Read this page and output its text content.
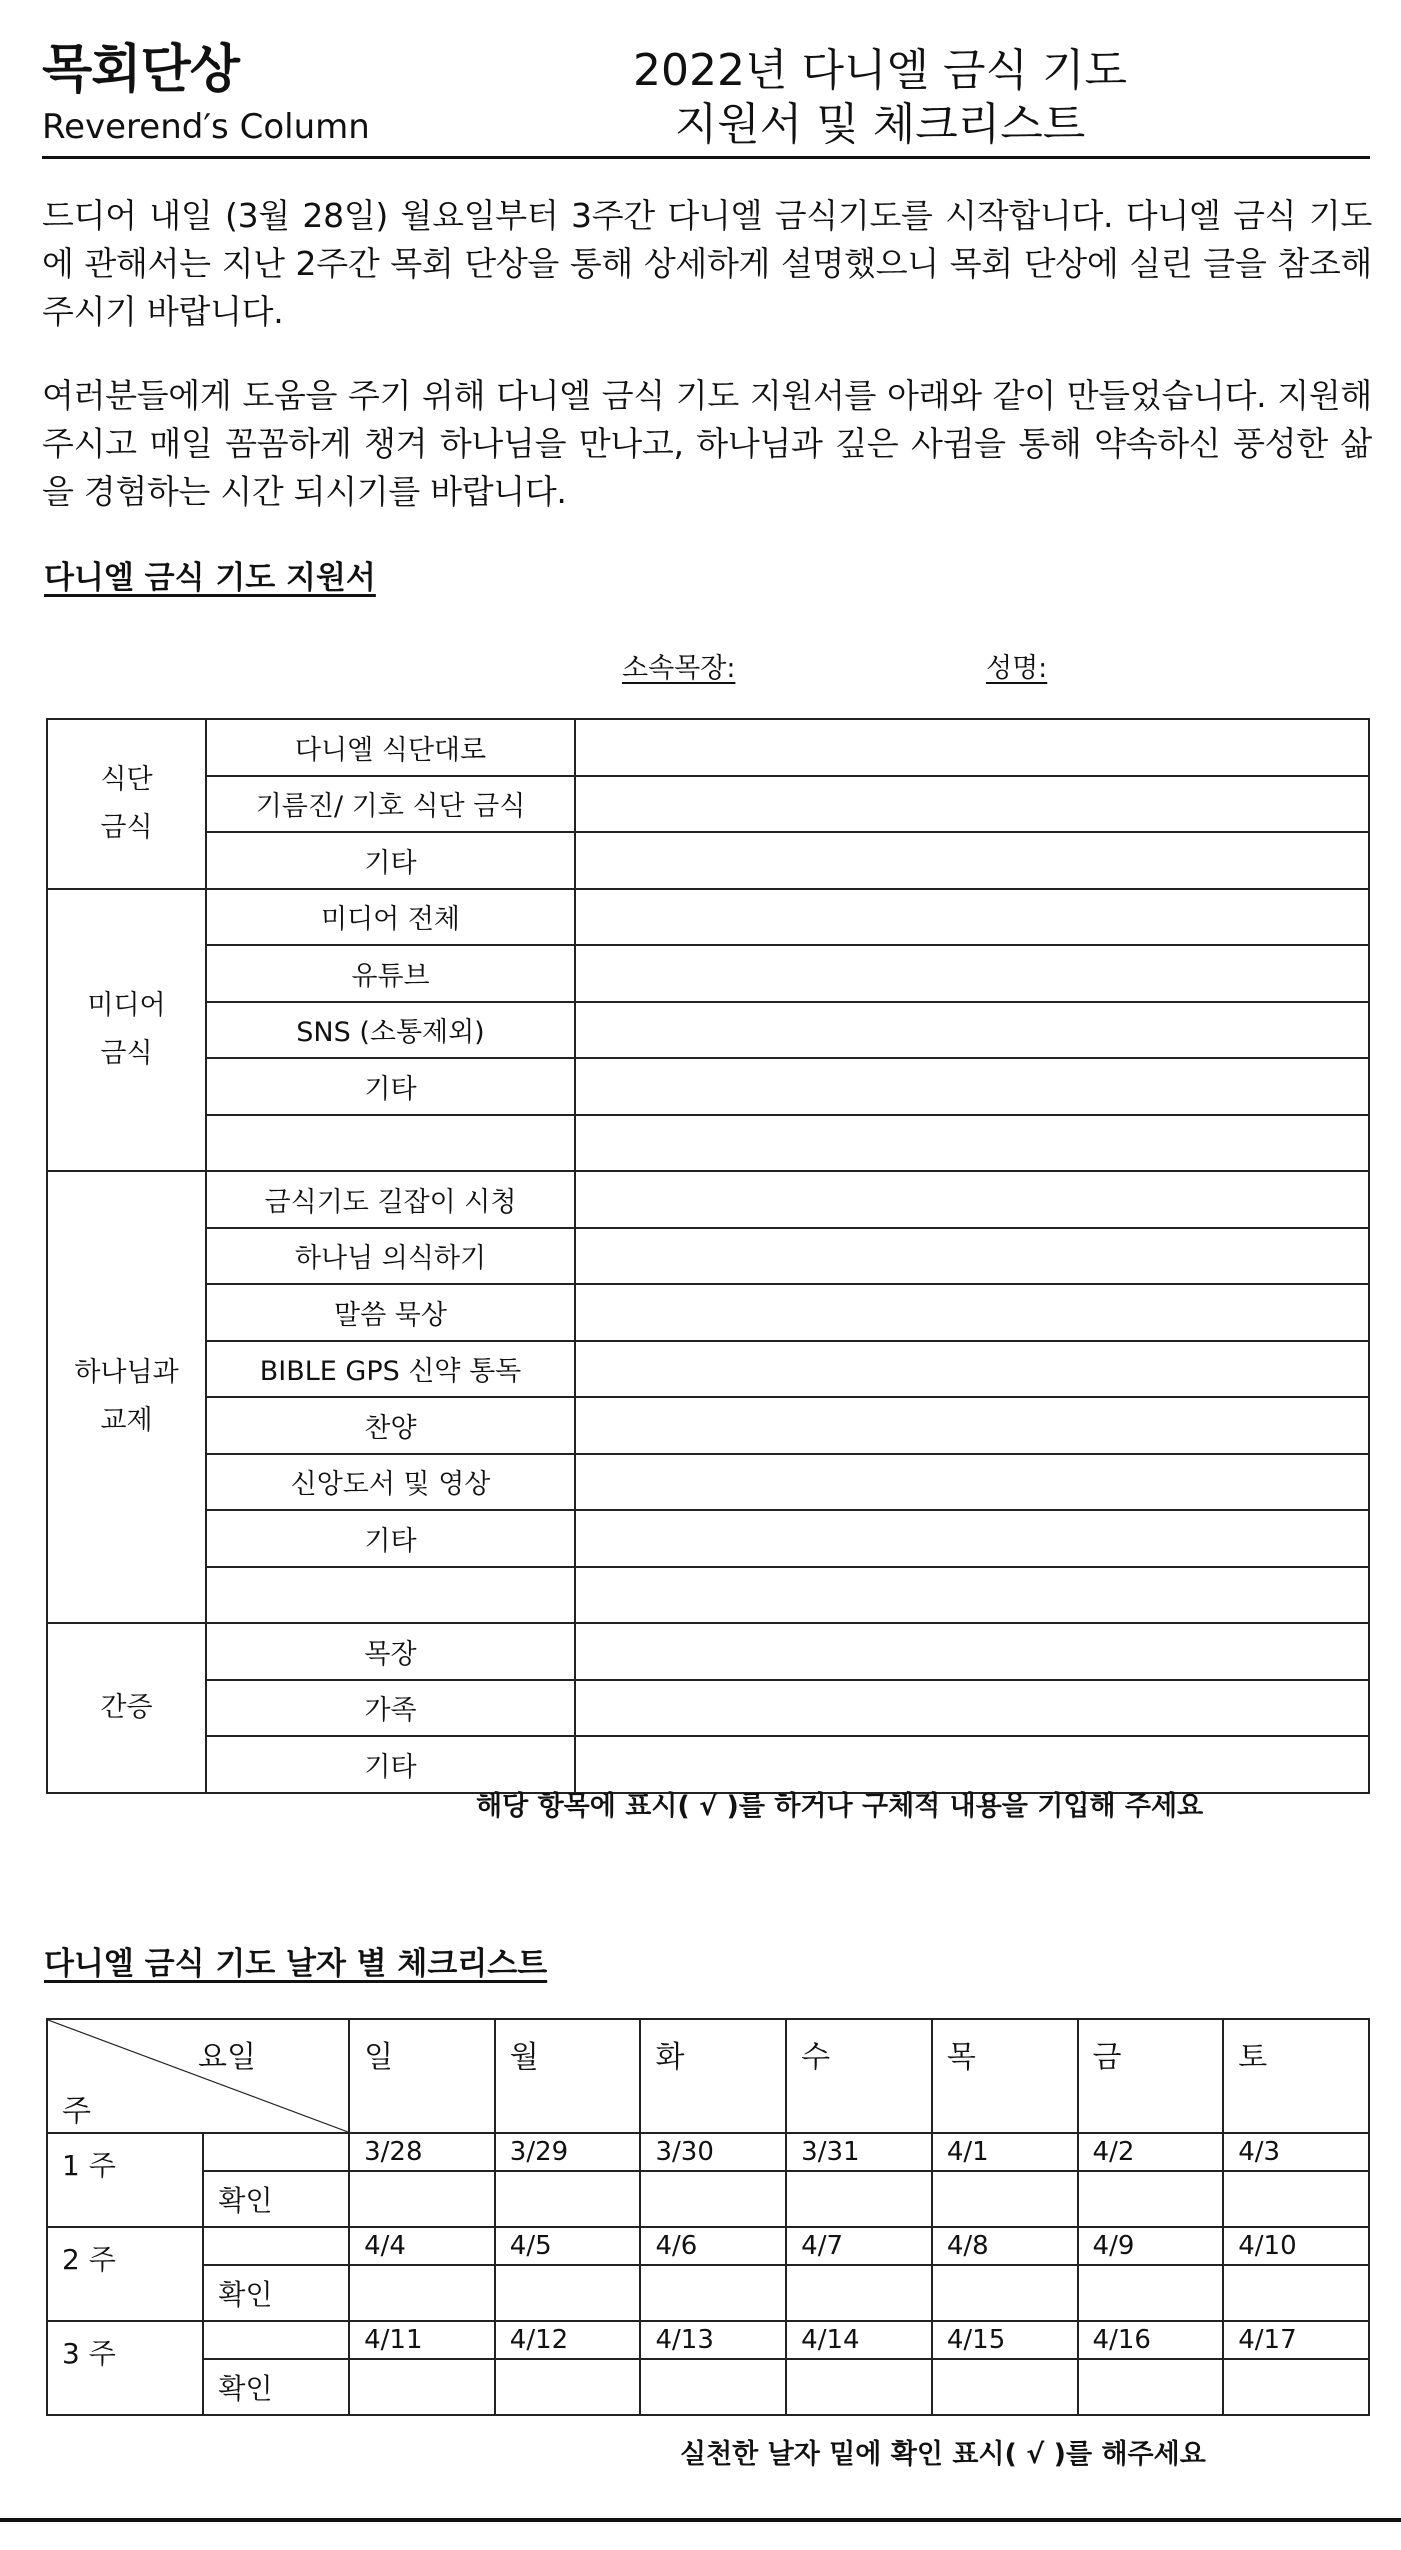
목회단상
Reverend′s Column
2022년 다니엘 금식 기도
지원서 및 체크리스트
드디어 내일 (3월 28일) 월요일부터 3주간 다니엘 금식기도를 시작합니다. 다니엘 금식 기도에 관해서는 지난 2주간 목회 단상을 통해 상세하게 설명했으니 목회 단상에 실린 글을 참조해 주시기 바랍니다.
여러분들에게 도움을 주기 위해 다니엘 금식 기도 지원서를 아래와 같이 만들었습니다. 지원해 주시고 매일 꼼꼼하게 챙겨 하나님을 만나고, 하나님과 깊은 사귐을 통해 약속하신 풍성한 삶을 경험하는 시간 되시기를 바랍니다.
다니엘 금식 기도 지원서
소속목장:	성명:
식단
금식	다니엘 식단대로	
	기름진/ 기호 식단 금식	
	기타	

미디어
금식	미디어 전체	
	유튜브	
	SNS (소통제외)	
	기타	

하나님과
교제	금식기도 길잡이 시청	
	하나님 의식하기	
	말씀 묵상	
	BIBLE GPS 신약 통독	
	찬양	
	신앙도서 및 영상	
	기타	

간증	목장	
	가족	
	기타	
해당 항목에 표시( √ )를 하거나 구체적 내용을 기입해 주세요
다니엘 금식 기도 날자 별 체크리스트
요일
주		일	월	화	수	목	금	토
1 주		3/28	3/29	3/30	3/31	4/1	4/2	4/3
	확인							
2 주		4/4	4/5	4/6	4/7	4/8	4/9	4/10
	확인							
3 주		4/11	4/12	4/13	4/14	4/15	4/16	4/17
	확인							
실천한 날자 밑에 확인 표시( √ )를 해주세요
